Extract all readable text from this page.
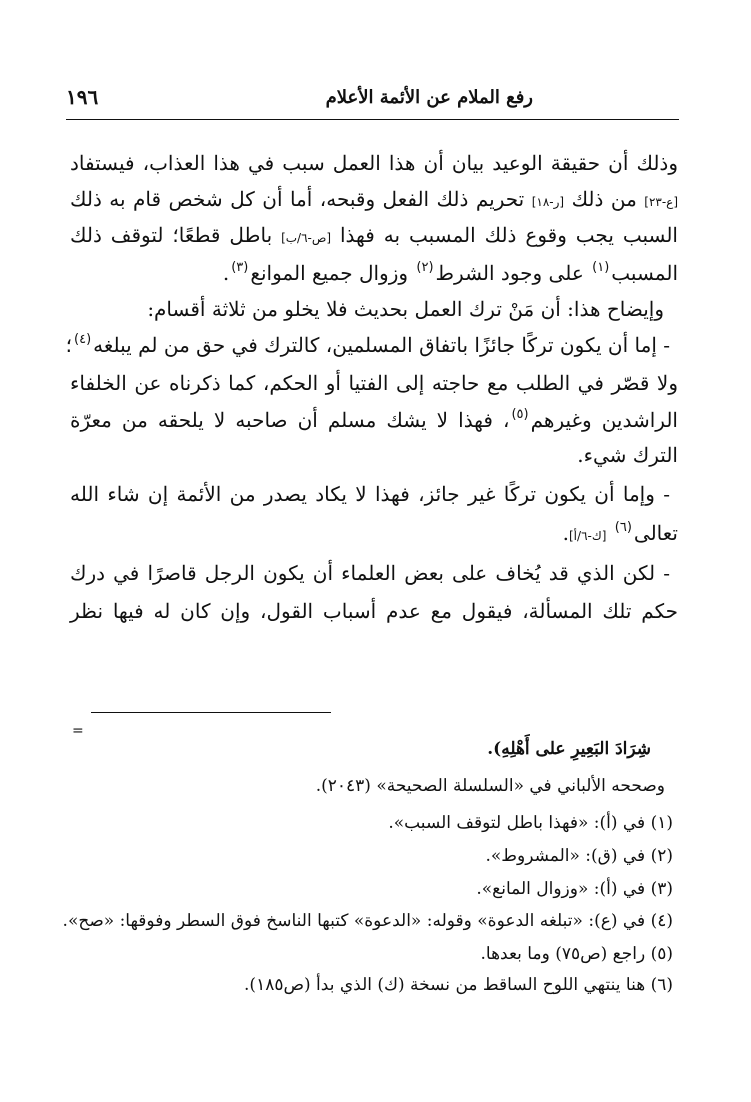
رفع الملام عن الأئمة الأعلام
١٩٦
وذلك أن حقيقة الوعيد بيان أن هذا العمل سبب في هذا العذاب، فيستفاد
[ع-٢٣] من ذلك [ر-١٨] تحريم ذلك الفعل وقبحه، أما أن كل شخص قام به ذلك
السبب يجب وقوع ذلك المسبب به فهذا [ص-٦/ب] باطل قطعًا؛ لتوقف ذلك
المسبب$^{(١)}$ على وجود الشرط$^{(٢)}$ وزوال جميع الموانع$^{(٣)}$.
وإيضاح هذا: أن مَنْ ترك العمل بحديث فلا يخلو من ثلاثة أقسام:
- إما أن يكون تركًا جائزًا باتفاق المسلمين، كالترك في حق من لم يبلغه$^{(٤)}$؛
ولا قصّر في الطلب مع حاجته إلى الفتيا أو الحكم، كما ذكرناه عن الخلفاء
الراشدين وغيرهم$^{(٥)}$، فهذا لا يشك مسلم أن صاحبه لا يلحقه من معرّة
الترك شيء.
- وإما أن يكون تركًا غير جائز، فهذا لا يكاد يصدر من الأئمة إن شاء الله
تعالى$^{(٦)}$ [ك-٦/أ].
- لكن الذي قد يُخاف على بعض العلماء أن يكون الرجل قاصرًا في درك
حكم تلك المسألة، فيقول مع عدم أسباب القول، وإن كان له فيها نظر
=
شِرَادَ البَعِيرِ على أَهْلِهِ).
وصححه الألباني في «السلسلة الصحيحة» (٢٠٤٣).
(١) في (أ): «فهذا باطل لتوقف السبب».
(٢) في (ق): «المشروط».
(٣) في (أ): «وزوال المانع».
(٤) في (ع): «تبلغه الدعوة» وقوله: «الدعوة» كتبها الناسخ فوق السطر وفوقها: «صح».
(٥) راجع (ص٧٥) وما بعدها.
(٦) هنا ينتهي اللوح الساقط من نسخة (ك) الذي بدأ (ص١٨٥).
